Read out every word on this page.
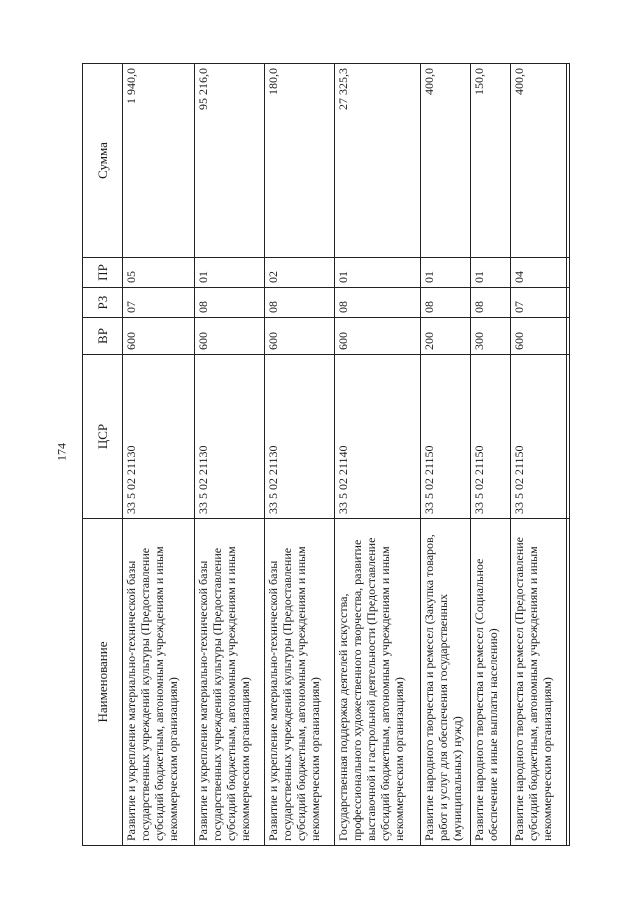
174
Наименование	ЦСР	ВР	РЗ	ПР	Сумма
Развитие и укрепление материально-технической базы государственных учреждений культуры (Предоставление субсидий бюджетным, автономным учреждениям и иным некоммерческим организациям)	33 5 02 21130	600	07	05	1 940,0
Развитие и укрепление материально-технической базы государственных учреждений культуры (Предоставление субсидий бюджетным, автономным учреждениям и иным некоммерческим организациям)	33 5 02 21130	600	08	01	95 216,0
Развитие и укрепление материально-технической базы государственных учреждений культуры (Предоставление субсидий бюджетным, автономным учреждениям и иным некоммерческим организациям)	33 5 02 21130	600	08	02	180,0
Государственная поддержка деятелей искусства, профессионального художественного творчества, развитие выставочной и гастрольной деятельности (Предоставление субсидий бюджетным, автономным учреждениям и иным некоммерческим организациям)	33 5 02 21140	600	08	01	27 325,3
Развитие народного творчества и ремесел (Закупка товаров, работ и услуг для обеспечения государственных (муниципальных) нужд)	33 5 02 21150	200	08	01	400,0
Развитие народного творчества и ремесел (Социальное обеспечение и иные выплаты населению)	33 5 02 21150	300	08	01	150,0
Развитие народного творчества и ремесел (Предоставление субсидий бюджетным, автономным учреждениям и иным некоммерческим организациям)	33 5 02 21150	600	07	04	400,0
